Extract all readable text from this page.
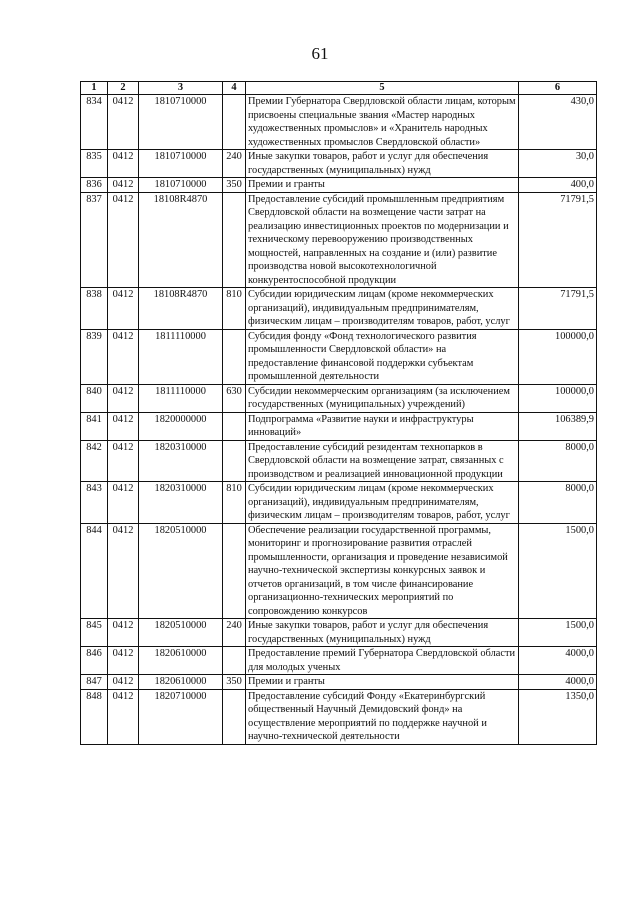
61
1	2	3	4	5	6
834	0412	1810710000		Премии Губернатора Свердловской области лицам, которым присвоены специальные звания «Мастер народных художественных промыслов» и «Хранитель народных художественных промыслов Свердловской области»	430,0
835	0412	1810710000	240	Иные закупки товаров, работ и услуг для обеспечения государственных (муниципальных) нужд	30,0
836	0412	1810710000	350	Премии и гранты	400,0
837	0412	18108R4870		Предоставление субсидий промышленным предприятиям Свердловской области на возмещение части затрат на реализацию инвестиционных проектов по модернизации и техническому перевооружению производственных мощностей, направленных на создание и (или) развитие производства новой высокотехнологичной конкурентоспособной продукции	71791,5
838	0412	18108R4870	810	Субсидии юридическим лицам (кроме некоммерческих организаций), индивидуальным предпринимателям, физическим лицам – производителям товаров, работ, услуг	71791,5
839	0412	1811110000		Субсидия фонду «Фонд технологического развития промышленности Свердловской области» на предоставление финансовой поддержки субъектам промышленной деятельности	100000,0
840	0412	1811110000	630	Субсидии некоммерческим организациям (за исключением государственных (муниципальных) учреждений)	100000,0
841	0412	1820000000		Подпрограмма «Развитие науки и инфраструктуры инноваций»	106389,9
842	0412	1820310000		Предоставление субсидий резидентам технопарков в Свердловской области на возмещение затрат, связанных с производством и реализацией инновационной продукции	8000,0
843	0412	1820310000	810	Субсидии юридическим лицам (кроме некоммерческих организаций), индивидуальным предпринимателям, физическим лицам – производителям товаров, работ, услуг	8000,0
844	0412	1820510000		Обеспечение реализации государственной программы, мониторинг и прогнозирование развития отраслей промышленности, организация и проведение независимой научно-технической экспертизы конкурсных заявок и отчетов организаций, в том числе финансирование организационно-технических мероприятий по сопровождению конкурсов	1500,0
845	0412	1820510000	240	Иные закупки товаров, работ и услуг для обеспечения государственных (муниципальных) нужд	1500,0
846	0412	1820610000		Предоставление премий Губернатора Свердловской области для молодых ученых	4000,0
847	0412	1820610000	350	Премии и гранты	4000,0
848	0412	1820710000		Предоставление субсидий Фонду «Екатеринбургский общественный Научный Демидовский фонд» на осуществление мероприятий по поддержке научной и научно-технической деятельности	1350,0
